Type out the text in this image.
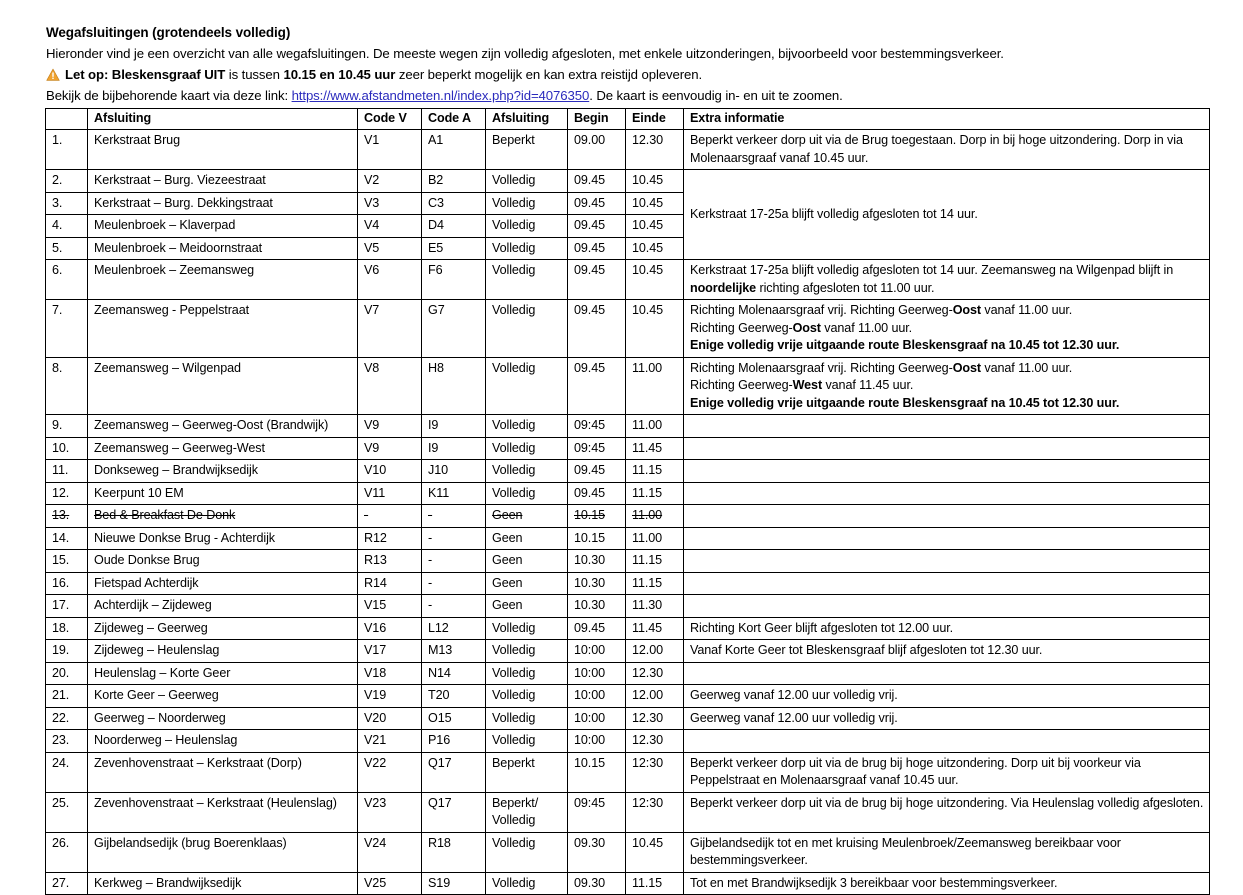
Wegafsluitingen (grotendeels volledig)

Hieronder vind je een overzicht van alle wegafsluitingen. De meeste wegen zijn volledig afgesloten, met enkele uitzonderingen, bijvoorbeeld voor bestemmingsverkeer.

Let op: Bleskensgraaf UIT is tussen 10.15 en 10.45 uur zeer beperkt mogelijk en kan extra reistijd opleveren.

Bekijk de bijbehorende kaart via deze link: https://www.afstandmeten.nl/index.php?id=4076350. De kaart is eenvoudig in- en uit te zoomen.

	Afsluiting	Code V	Code A	Afsluiting	Begin	Einde	Extra informatie
1.	Kerkstraat Brug	V1	A1	Beperkt	09.00	12.30	Beperkt verkeer dorp uit via de Brug toegestaan. Dorp in bij hoge uitzondering. Dorp in via Molenaarsgraaf vanaf 10.45 uur.
2.	Kerkstraat – Burg. Viezeestraat	V2	B2	Volledig	09.45	10.45	Kerkstraat 17-25a blijft volledig afgesloten tot 14 uur.
3.	Kerkstraat – Burg. Dekkingstraat	V3	C3	Volledig	09.45	10.45	
4.	Meulenbroek – Klaverpad	V4	D4	Volledig	09.45	10.45	
5.	Meulenbroek – Meidoornstraat	V5	E5	Volledig	09.45	10.45	
6.	Meulenbroek – Zeemansweg	V6	F6	Volledig	09.45	10.45	Kerkstraat 17-25a blijft volledig afgesloten tot 14 uur. Zeemansweg na Wilgenpad blijft in noordelijke richting afgesloten tot 11.00 uur.
7.	Zeemansweg - Peppelstraat	V7	G7	Volledig	09.45	10.45	Richting Molenaarsgraaf vrij. Richting Geerweg-Oost vanaf 11.00 uur.
Richting Geerweg-Oost vanaf 11.00 uur.
Enige volledig vrije uitgaande route Bleskensgraaf na 10.45 tot 12.30 uur.

8.	Zeemansweg – Wilgenpad	V8	H8	Volledig	09.45	11.00	Richting Molenaarsgraaf vrij. Richting Geerweg-Oost vanaf 11.00 uur.
Richting Geerweg-West vanaf 11.45 uur.
Enige volledig vrije uitgaande route Bleskensgraaf na 10.45 tot 12.30 uur.

9.	Zeemansweg – Geerweg-Oost (Brandwijk)	V9	I9	Volledig	09:45	11.00	
10.	Zeemansweg – Geerweg-West	V9	I9	Volledig	09:45	11.45	
11.	Donkseweg – Brandwijksedijk	V10	J10	Volledig	09.45	11.15	
12.	Keerpunt 10 EM	V11	K11	Volledig	09.45	11.15	
13.	Bed & Breakfast De Donk	-	-	Geen	10.15	11.00	
14.	Nieuwe Donkse Brug - Achterdijk	R12	-	Geen	10.15	11.00	
15.	Oude Donkse Brug	R13	-	Geen	10.30	11.15	
16.	Fietspad Achterdijk	R14	-	Geen	10.30	11.15	
17.	Achterdijk – Zijdeweg	V15	-	Geen	10.30	11.30	
18.	Zijdeweg – Geerweg	V16	L12	Volledig	09.45	11.45	Richting Kort Geer blijft afgesloten tot 12.00 uur.
19.	Zijdeweg – Heulenslag	V17	M13	Volledig	10:00	12.00	Vanaf Korte Geer tot Bleskensgraaf blijf afgesloten tot 12.30 uur.
20.	Heulenslag – Korte Geer	V18	N14	Volledig	10:00	12.30	
21.	Korte Geer – Geerweg	V19	T20	Volledig	10:00	12.00	Geerweg vanaf 12.00 uur volledig vrij.
22.	Geerweg – Noorderweg	V20	O15	Volledig	10:00	12.30	Geerweg vanaf 12.00 uur volledig vrij.
23.	Noorderweg – Heulenslag	V21	P16	Volledig	10:00	12.30	
24.	Zevenhovenstraat – Kerkstraat (Dorp)	V22	Q17	Beperkt	10.15	12:30	Beperkt verkeer dorp uit via de brug bij hoge uitzondering. Dorp uit bij voorkeur via Peppelstraat en Molenaarsgraaf vanaf 10.45 uur.
25.	Zevenhovenstraat – Kerkstraat (Heulenslag)	V23	Q17	Beperkt/ Volledig	09:45	12:30	Beperkt verkeer dorp uit via de brug bij hoge uitzondering. Via Heulenslag volledig afgesloten.
26.	Gijbelandsedijk (brug Boerenklaas)	V24	R18	Volledig	09.30	10.45	Gijbelandsedijk tot en met kruising Meulenbroek/Zeemansweg bereikbaar voor bestemmingsverkeer.
27.	Kerkweg – Brandwijksedijk	V25	S19	Volledig	09.30	11.15	Tot en met Brandwijksedijk 3 bereikbaar voor bestemmingsverkeer.
